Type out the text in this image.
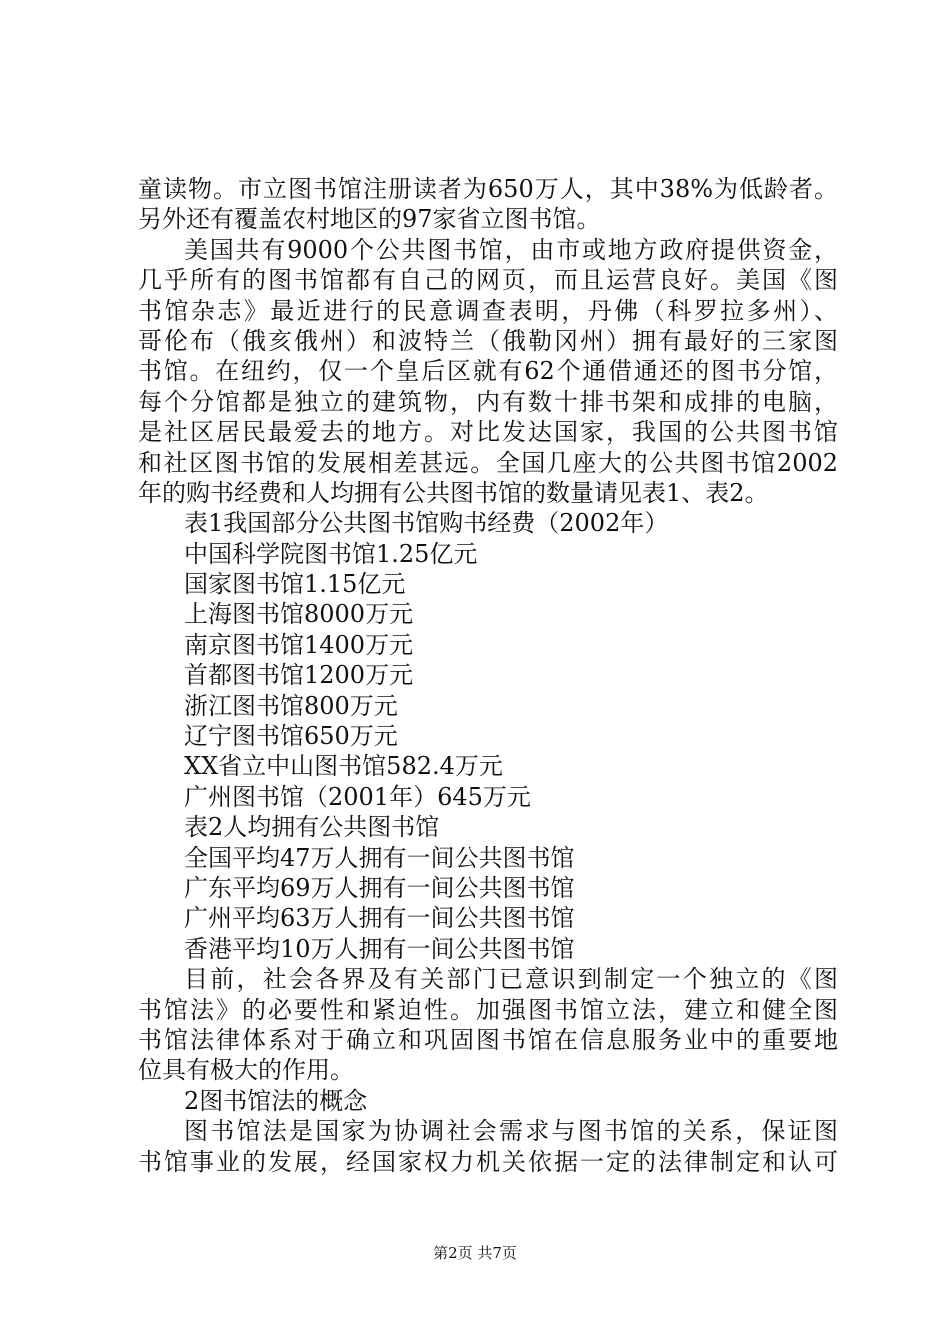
童读物。市立图书馆注册读者为650万人，其中38%为低龄者。
另外还有覆盖农村地区的97家省立图书馆。
美国共有9000个公共图书馆，由市或地方政府提供资金，
几乎所有的图书馆都有自己的网页，而且运营良好。美国《图
书馆杂志》最近进行的民意调查表明，丹佛（科罗拉多州）、
哥伦布（俄亥俄州）和波特兰（俄勒冈州）拥有最好的三家图
书馆。在纽约，仅一个皇后区就有62个通借通还的图书分馆，
每个分馆都是独立的建筑物，内有数十排书架和成排的电脑，
是社区居民最爱去的地方。对比发达国家，我国的公共图书馆
和社区图书馆的发展相差甚远。全国几座大的公共图书馆2002
年的购书经费和人均拥有公共图书馆的数量请见表1、表2。
表1我国部分公共图书馆购书经费（2002年）
中国科学院图书馆1.25亿元
国家图书馆1.15亿元
上海图书馆8000万元
南京图书馆1400万元
首都图书馆1200万元
浙江图书馆800万元
辽宁图书馆650万元
XX省立中山图书馆582.4万元
广州图书馆（2001年）645万元
表2人均拥有公共图书馆
全国平均47万人拥有一间公共图书馆
广东平均69万人拥有一间公共图书馆
广州平均63万人拥有一间公共图书馆
香港平均10万人拥有一间公共图书馆
目前，社会各界及有关部门已意识到制定一个独立的《图
书馆法》的必要性和紧迫性。加强图书馆立法，建立和健全图
书馆法律体系对于确立和巩固图书馆在信息服务业中的重要地
位具有极大的作用。
2图书馆法的概念
图书馆法是国家为协调社会需求与图书馆的关系，保证图
书馆事业的发展，经国家权力机关依据一定的法律制定和认可
第2页 共7页
